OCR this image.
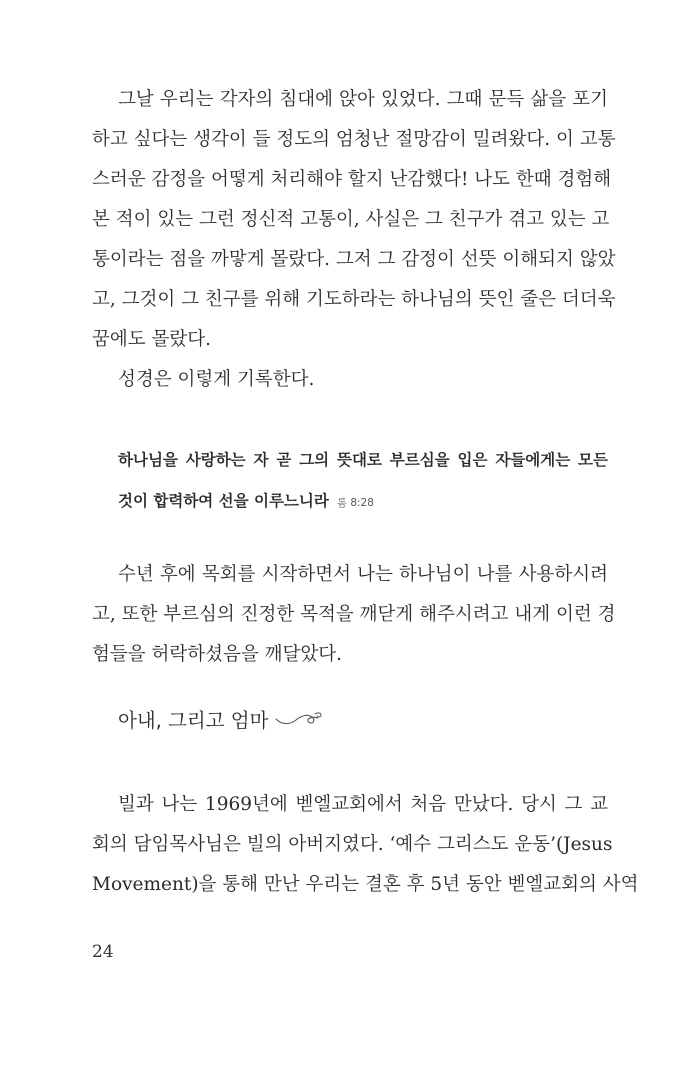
그날 우리는 각자의 침대에 앉아 있었다. 그때 문득 삶을 포기
하고 싶다는 생각이 들 정도의 엄청난 절망감이 밀려왔다. 이 고통
스러운 감정을 어떻게 처리해야 할지 난감했다! 나도 한때 경험해
본 적이 있는 그런 정신적 고통이, 사실은 그 친구가 겪고 있는 고
통이라는 점을 까맣게 몰랐다. 그저 그 감정이 선뜻 이해되지 않았
고, 그것이 그 친구를 위해 기도하라는 하나님의 뜻인 줄은 더더욱
꿈에도 몰랐다.
성경은 이렇게 기록한다.
하나님을 사랑하는 자 곧 그의 뜻대로 부르심을 입은 자들에게는 모든
것이 합력하여 선을 이루느니라 롬 8:28
수년 후에 목회를 시작하면서 나는 하나님이 나를 사용하시려
고, 또한 부르심의 진정한 목적을 깨닫게 해주시려고 내게 이런 경
험들을 허락하셨음을 깨달았다.
아내, 그리고 엄마
빌과 나는 1969년에 벧엘교회에서 처음 만났다. 당시 그 교
회의 담임목사님은 빌의 아버지였다. ‘예수 그리스도 운동’(Jesus
Movement)을 통해 만난 우리는 결혼 후 5년 동안 벧엘교회의 사역
24
